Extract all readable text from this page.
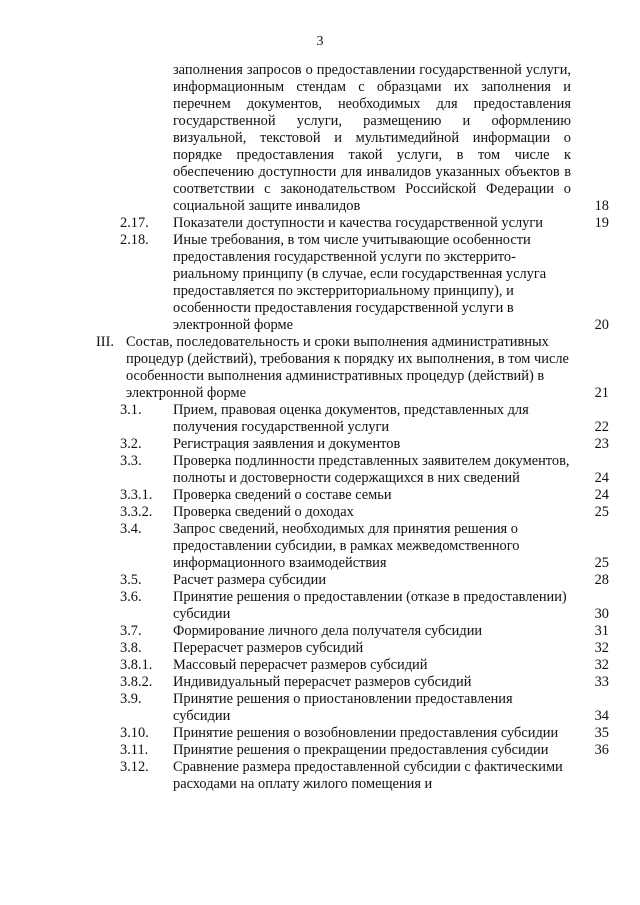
3
заполнения запросов о предоставлении государственной услуги, информационным стендам с образцами их заполнения и перечнем документов, необходимых для предоставления государственной услуги, размещению и оформлению визуальной, текстовой и мультимедийной информации о порядке предоставления такой услуги, в том числе к обеспечению доступности для инвалидов указанных объектов в соответствии с законодательством Российской Федерации о социальной защите инвалидов	18
2.17. Показатели доступности и качества государственной услуги	19
2.18. Иные требования, в том числе учитывающие особенности предоставления государственной услуги по экстеррито-риальному принципу (в случае, если государственная услуга предоставляется по экстерриториальному принципу), и особенности предоставления государственной услуги в электронной форме	20
III. Состав, последовательность и сроки выполнения административных процедур (действий), требования к порядку их выполнения, в том числе особенности выполнения административных процедур (действий) в электронной форме	21
3.1. Прием, правовая оценка документов, представленных для получения государственной услуги	22
3.2. Регистрация заявления и документов	23
3.3. Проверка подлинности представленных заявителем документов, полноты и достоверности содержащихся в них сведений	24
3.3.1. Проверка сведений о составе семьи	24
3.3.2. Проверка сведений о доходах	25
3.4. Запрос сведений, необходимых для принятия решения о предоставлении субсидии, в рамках межведомственного информационного взаимодействия	25
3.5. Расчет размера субсидии	28
3.6. Принятие решения о предоставлении (отказе в предоставлении) субсидии	30
3.7. Формирование личного дела получателя субсидии	31
3.8. Перерасчет размеров субсидий	32
3.8.1. Массовый перерасчет размеров субсидий	32
3.8.2. Индивидуальный перерасчет размеров субсидий	33
3.9. Принятие решения о приостановлении предоставления субсидии	34
3.10. Принятие решения о возобновлении предоставления субсидии	35
3.11. Принятие решения о прекращении предоставления субсидии	36
3.12. Сравнение размера предоставленной субсидии с фактическими расходами на оплату жилого помещения и
